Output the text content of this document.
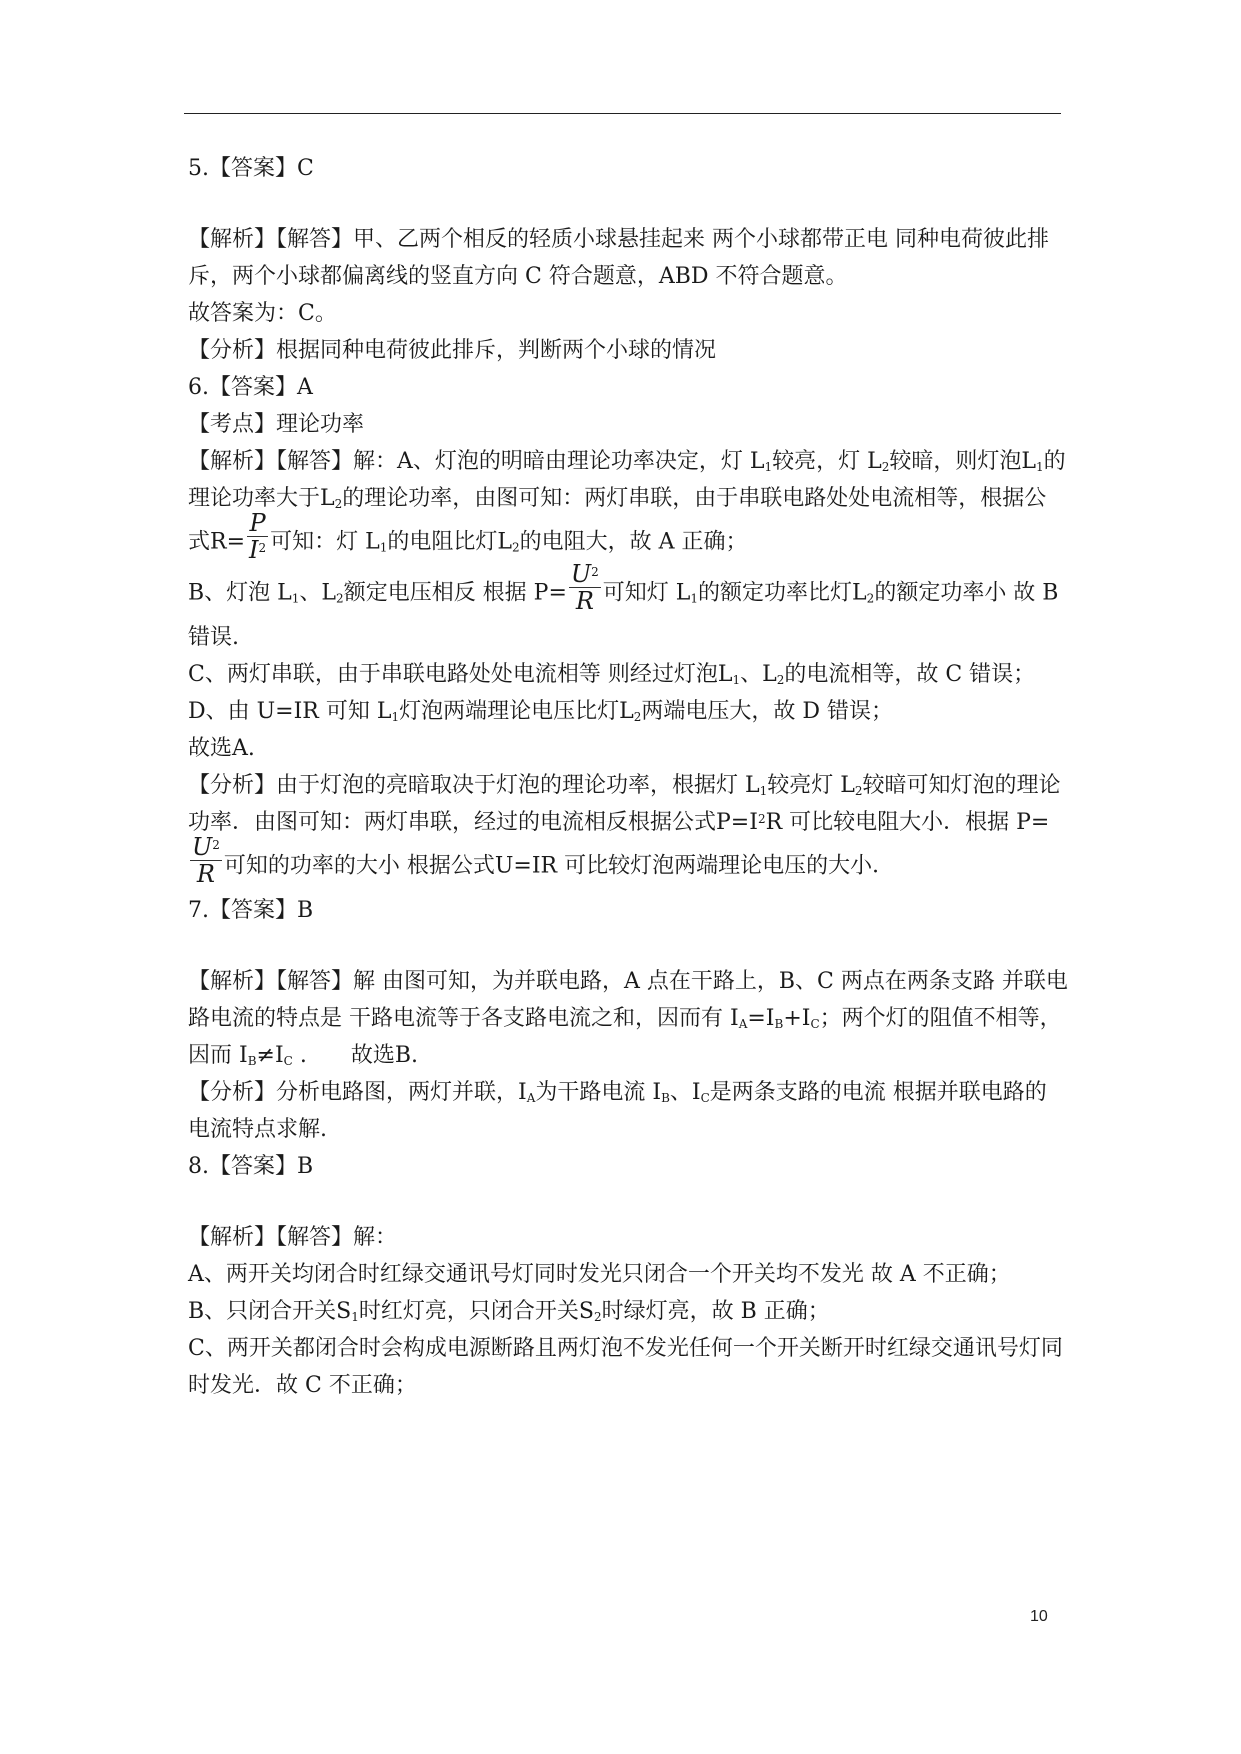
5.【答案】C

【解析】【解答】甲、乙两个相反的轻质小球悬挂起来 两个小球都带正电 同种电荷彼此排斥，两个小球都偏离线的竖直方向 C 符合题意，ABD 不符合题意。

故答案为：C。

【分析】根据同种电荷彼此排斥，判断两个小球的情况

6.【答案】A

【考点】理论功率

【解析】【解答】解：A、灯泡的明暗由理论功率决定，灯 $L_1$较亮，灯 $L_2$较暗，则灯泡$L_1$的理论功率大于$L_2$的理论功率，由图可知：两灯串联，由于串联电路处处电流相等，根据公式$R= \frac{P}{I^2}$ 可知：灯 $L_1$的电阻比灯$L_2$的电阻大，故 A 正确；

B、灯泡 $L_1$、$L_2$额定电压相反 根据 $P= \frac{U^2}{R}$ 可知灯 $L_1$的额定功率比灯$L_2$的额定功率小 故 B 错误.

C、两灯串联，由于串联电路处处电流相等 则经过灯泡$L_1$、$L_2$的电流相等，故 C 错误；

D、由 U=IR 可知 $L_1$灯泡两端理论电压比灯$L_2$两端电压大，故 D 错误；

故选A.

【分析】由于灯泡的亮暗取决于灯泡的理论功率，根据灯 $L_1$较亮灯 $L_2$较暗可知灯泡的理论功率．由图可知：两灯串联，经过的电流相反根据公式$P=I^2R$ 可比较电阻大小．根据 P=
$\frac{U^2}{R}$ 可知的功率的大小 根据公式U=IR 可比较灯泡两端理论电压的大小．

7.【答案】B

【解析】【解答】解 由图可知，为并联电路，A 点在干路上，B、C 两点在两条支路 并联电路电流的特点是 干路电流等于各支路电流之和，因而有 $I_A=I_B+I_C$；两个灯的阻值不相等，因而 $I_B\ne I_C$ .　　故选B.

【分析】分析电路图，两灯并联，$I_A$为干路电流 $I_B$、$I_C$是两条支路的电流 根据并联电路的电流特点求解.

8.【答案】B

【解析】【解答】解：

A、两开关均闭合时红绿交通讯号灯同时发光只闭合一个开关均不发光 故 A 不正确；

B、只闭合开关$S_1$时红灯亮，只闭合开关$S_2$时绿灯亮，故 B 正确；

C、两开关都闭合时会构成电源断路且两灯泡不发光任何一个开关断开时红绿交通讯号灯同时发光．故 C 不正确；

10
